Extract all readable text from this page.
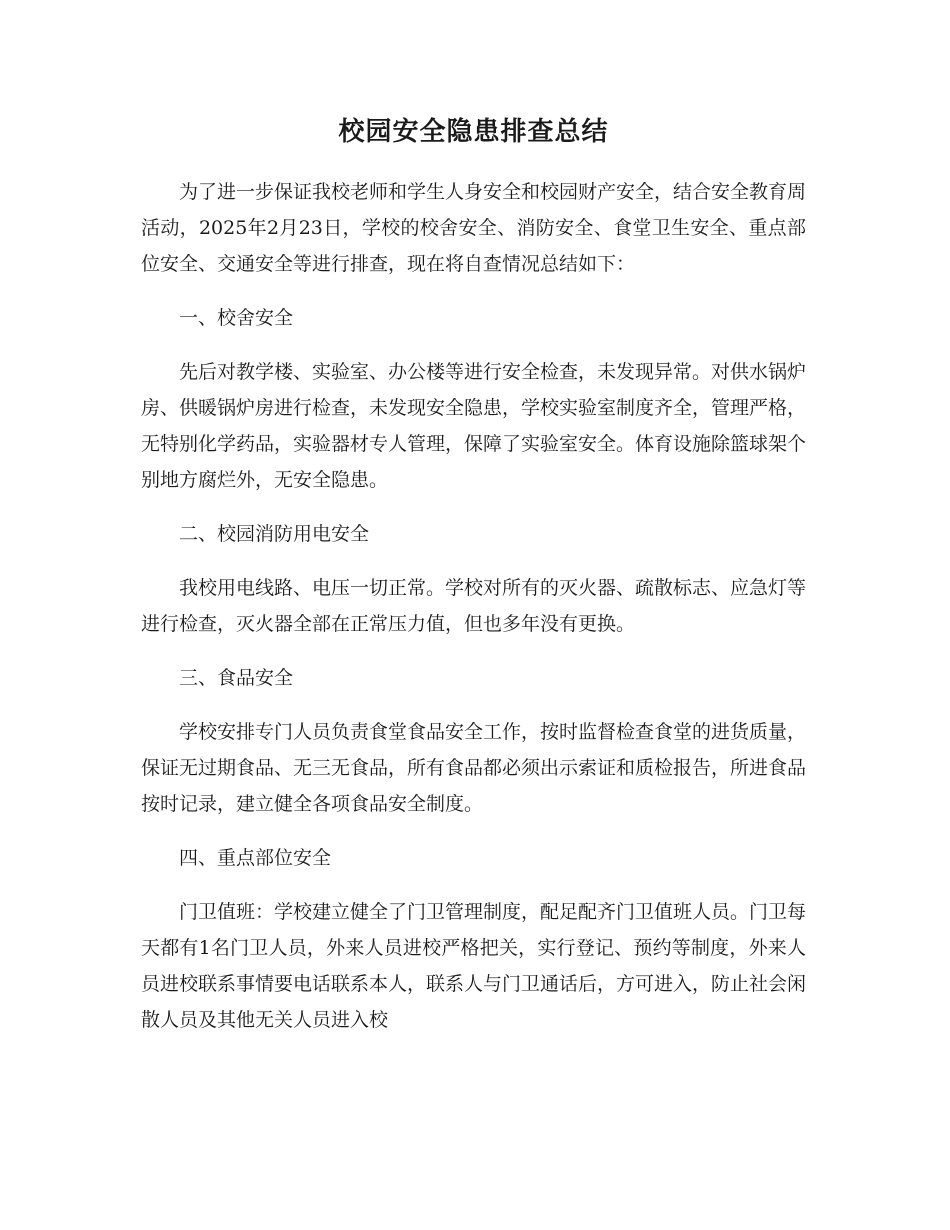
校园安全隐患排查总结

为了进一步保证我校老师和学生人身安全和校园财产安全，结合安全教育周活动，2025年2月23日，学校的校舍安全、消防安全、食堂卫生安全、重点部位安全、交通安全等进行排查，现在将自查情况总结如下：

一、校舍安全

先后对教学楼、实验室、办公楼等进行安全检查，未发现异常。对供水锅炉房、供暖锅炉房进行检查，未发现安全隐患，学校实验室制度齐全，管理严格，无特别化学药品，实验器材专人管理，保障了实验室安全。体育设施除篮球架个别地方腐烂外，无安全隐患。

二、校园消防用电安全

我校用电线路、电压一切正常。学校对所有的灭火器、疏散标志、应急灯等进行检查，灭火器全部在正常压力值，但也多年没有更换。

三、食品安全

学校安排专门人员负责食堂食品安全工作，按时监督检查食堂的进货质量，保证无过期食品、无三无食品，所有食品都必须出示索证和质检报告，所进食品按时记录，建立健全各项食品安全制度。

四、重点部位安全

门卫值班：学校建立健全了门卫管理制度，配足配齐门卫值班人员。门卫每天都有1名门卫人员，外来人员进校严格把关，实行登记、预约等制度，外来人员进校联系事情要电话联系本人，联系人与门卫通话后，方可进入，防止社会闲散人员及其他无关人员进入校
